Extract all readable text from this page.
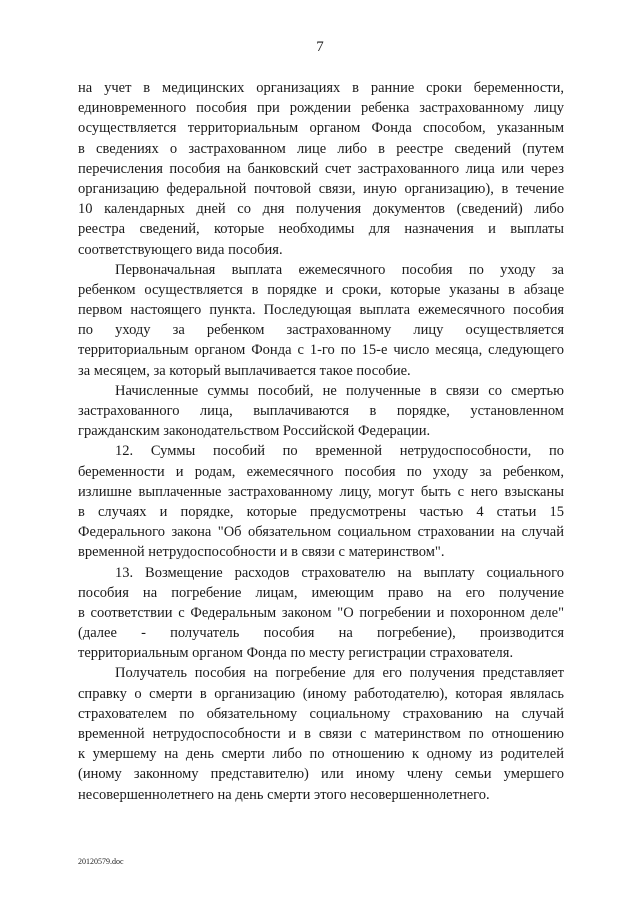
7
на учет в медицинских организациях в ранние сроки беременности,
единовременного пособия при рождении ребенка застрахованному лицу
осуществляется территориальным органом Фонда способом, указанным
в сведениях о застрахованном лице либо в реестре сведений (путем
перечисления пособия на банковский счет застрахованного лица или через
организацию федеральной почтовой связи, иную организацию), в течение
10 календарных дней со дня получения документов (сведений) либо
реестра сведений, которые необходимы для назначения и выплаты
соответствующего вида пособия.
Первоначальная выплата ежемесячного пособия по уходу за
ребенком осуществляется в порядке и сроки, которые указаны в абзаце
первом настоящего пункта. Последующая выплата ежемесячного пособия
по уходу за ребенком застрахованному лицу осуществляется
территориальным органом Фонда с 1-го по 15-е число месяца, следующего
за месяцем, за который выплачивается такое пособие.
Начисленные суммы пособий, не полученные в связи со смертью
застрахованного лица, выплачиваются в порядке, установленном
гражданским законодательством Российской Федерации.
12. Суммы пособий по временной нетрудоспособности, по
беременности и родам, ежемесячного пособия по уходу за ребенком,
излишне выплаченные застрахованному лицу, могут быть с него взысканы
в случаях и порядке, которые предусмотрены частью 4 статьи 15
Федерального закона "Об обязательном социальном страховании на случай
временной нетрудоспособности и в связи с материнством".
13. Возмещение расходов страхователю на выплату социального
пособия на погребение лицам, имеющим право на его получение
в соответствии с Федеральным законом "О погребении и похоронном деле"
(далее - получатель пособия на погребение), производится
территориальным органом Фонда по месту регистрации страхователя.
Получатель пособия на погребение для его получения представляет
справку о смерти в организацию (иному работодателю), которая являлась
страхователем по обязательному социальному страхованию на случай
временной нетрудоспособности и в связи с материнством по отношению
к умершему на день смерти либо по отношению к одному из родителей
(иному законному представителю) или иному члену семьи умершего
несовершеннолетнего на день смерти этого несовершеннолетнего.
20120579.doc
